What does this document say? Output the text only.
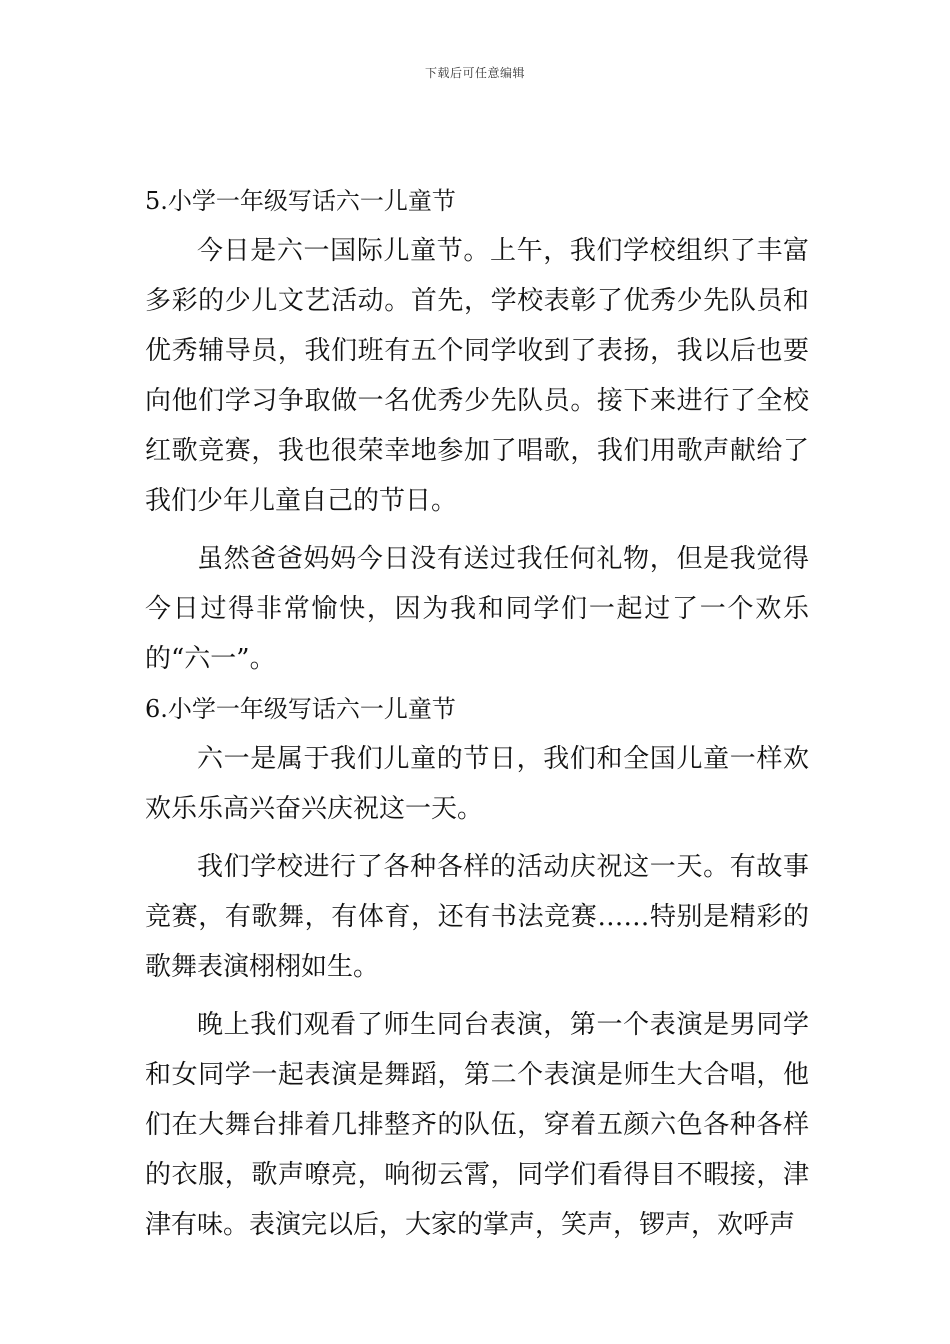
下载后可任意编辑
5.小学一年级写话六一儿童节

今日是六一国际儿童节。上午，我们学校组织了丰富多彩的少儿文艺活动。首先，学校表彰了优秀少先队员和优秀辅导员，我们班有五个同学收到了表扬，我以后也要向他们学习争取做一名优秀少先队员。接下来进行了全校红歌竞赛，我也很荣幸地参加了唱歌，我们用歌声献给了我们少年儿童自己的节日。

虽然爸爸妈妈今日没有送过我任何礼物，但是我觉得今日过得非常愉快，因为我和同学们一起过了一个欢乐的“六一”。

6.小学一年级写话六一儿童节

六一是属于我们儿童的节日，我们和全国儿童一样欢欢乐乐高兴奋兴庆祝这一天。

我们学校进行了各种各样的活动庆祝这一天。有故事竞赛，有歌舞，有体育，还有书法竞赛……特别是精彩的歌舞表演栩栩如生。

晚上我们观看了师生同台表演，第一个表演是男同学和女同学一起表演是舞蹈，第二个表演是师生大合唱，他们在大舞台排着几排整齐的队伍，穿着五颜六色各种各样的衣服，歌声嘹亮，响彻云霄，同学们看得目不暇接，津津有味。表演完以后，大家的掌声，笑声，锣声，欢呼声
